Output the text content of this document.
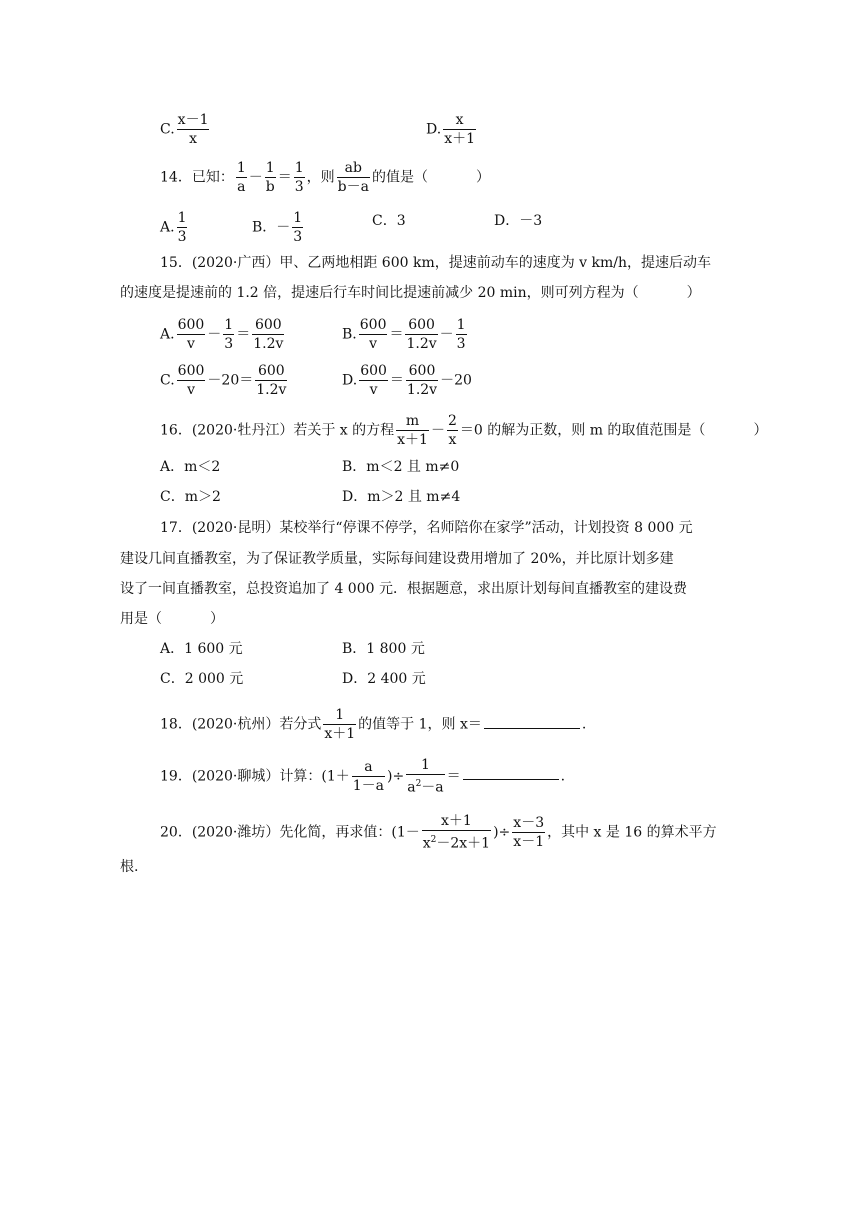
C. $\frac{x-1}{x}$	D. $\frac{x}{x+1}$
14．已知： $\frac{1}{a} - \frac{1}{b} = \frac{1}{3}$ ，则 $\frac{ab}{b-a}$ 的值是（	）
A. $\frac{1}{3}$	B．－ $\frac{1}{3}$	C．3	D．－3
15．(2020·广西）甲、乙两地相距 600 km，提速前动车的速度为 v km/h，提速后动车
的速度是提速前的 1.2 倍，提速后行车时间比提速前减少 20 min，则可列方程为（	）
A. $\frac{600}{v} - \frac{1}{3} = \frac{600}{1.2v}$	B. $\frac{600}{v} = \frac{600}{1.2v} - \frac{1}{3}$
C. $\frac{600}{v} -20= \frac{600}{1.2v}$	D. $\frac{600}{v} = \frac{600}{1.2v} -20$
16．(2020·牡丹江）若关于 x 的方程 $\frac{m}{x+1} - \frac{2}{x} =0$ 的解为正数，则 m 的取值范围是（	）
A．m＜2	B．m＜2 且 m≠0
C．m＞2	D．m＞2 且 m≠4
17．(2020·昆明）某校举行“停课不停学，名师陪你在家学”活动，计划投资 8 000 元
建设几间直播教室，为了保证教学质量，实际每间建设费用增加了 20%，并比原计划多建
设了一间直播教室，总投资追加了 4 000 元．根据题意，求出原计划每间直播教室的建设费
用是（	）
A．1 600 元	B．1 800 元
C．2 000 元	D．2 400 元
18．(2020·杭州）若分式 $\frac{1}{x+1}$ 的值等于 1，则 x＝	.
19．(2020·聊城）计算：($1+ \frac{a}{1-a}$ )÷ $\frac{1}{a^2-a}$ ＝	.
20．(2020·潍坊）先化简，再求值：($1- \frac{x+1}{x^2-2x+1}$ )÷ $\frac{x-3}{x-1}$ ，其中 x 是 16 的算术平方
根.
